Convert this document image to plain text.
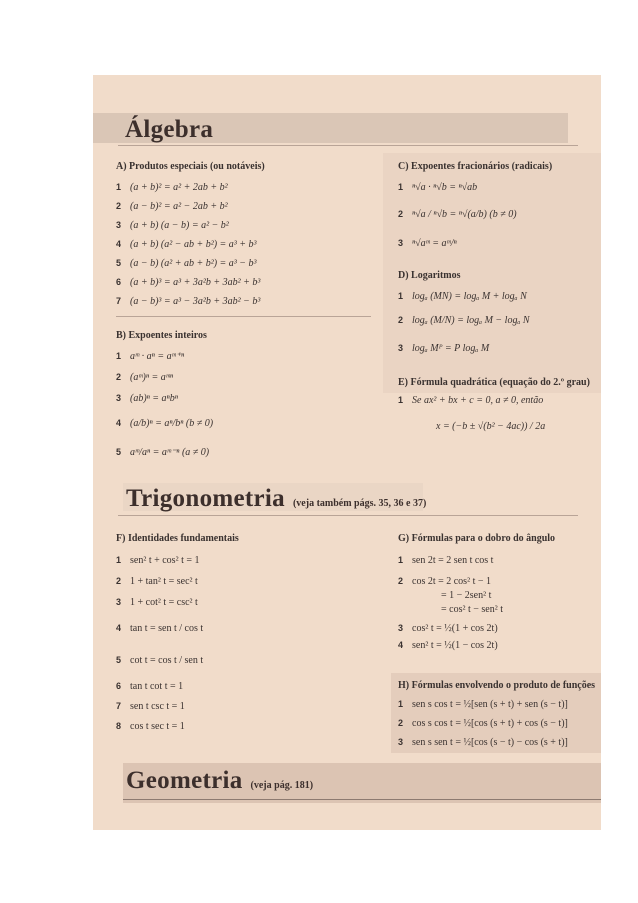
Álgebra
A) Produtos especiais (ou notáveis)
1 (a + b)² = a² + 2ab + b²
2 (a − b)² = a² − 2ab + b²
3 (a + b) (a − b) = a² − b²
4 (a + b) (a² − ab + b²) = a³ + b³
5 (a − b) (a² + ab + b²) = a³ − b³
6 (a + b)³ = a³ + 3a²b + 3ab² + b³
7 (a − b)³ = a³ − 3a²b + 3ab² − b³
B) Expoentes inteiros
1 aᵐ · aⁿ = aᵐ⁺ⁿ
2 (aᵐ)ⁿ = aᵐⁿ
3 (ab)ⁿ = aⁿbⁿ
4 (a/b)ⁿ = aⁿ/bⁿ (b ≠ 0)
5 aᵐ/aⁿ = aᵐ⁻ⁿ (a ≠ 0)
C) Expoentes fracionários (radicais)
1 ⁿ√a · ⁿ√b = ⁿ√ab
2 ⁿ√a / ⁿ√b = ⁿ√(a/b) (b ≠ 0)
3 ⁿ√aᵐ = aᵐ/ⁿ
D) Logaritmos
1 logₐ (MN) = logₐ M + logₐ N
2 logₐ (M/N) = logₐ M − logₐ N
3 logₐ Mᴾ = P logₐ M
E) Fórmula quadrática (equação do 2.º grau)
1 Se ax² + bx + c = 0, a ≠ 0, então
x = (−b ± √(b² − 4ac)) / 2a
Trigonometria (veja também págs. 35, 36 e 37)
F) Identidades fundamentais
1 sen² t + cos² t = 1
2 1 + tan² t = sec² t
3 1 + cot² t = csc² t
4 tan t = sen t / cos t
5 cot t = cos t / sen t
6 tan t cot t = 1
7 sen t csc t = 1
8 cos t sec t = 1
G) Fórmulas para o dobro do ângulo
1 sen 2t = 2 sen t cos t
2 cos 2t = 2 cos² t − 1
= 1 − 2sen² t
= cos² t − sen² t
3 cos² t = ½(1 + cos 2t)
4 sen² t = ½(1 − cos 2t)
H) Fórmulas envolvendo o produto de funções
1 sen s cos t = ½[sen (s + t) + sen (s − t)]
2 cos s cos t = ½[cos (s + t) + cos (s − t)]
3 sen s sen t = ½[cos (s − t) − cos (s + t)]
Geometria (veja pág. 181)
